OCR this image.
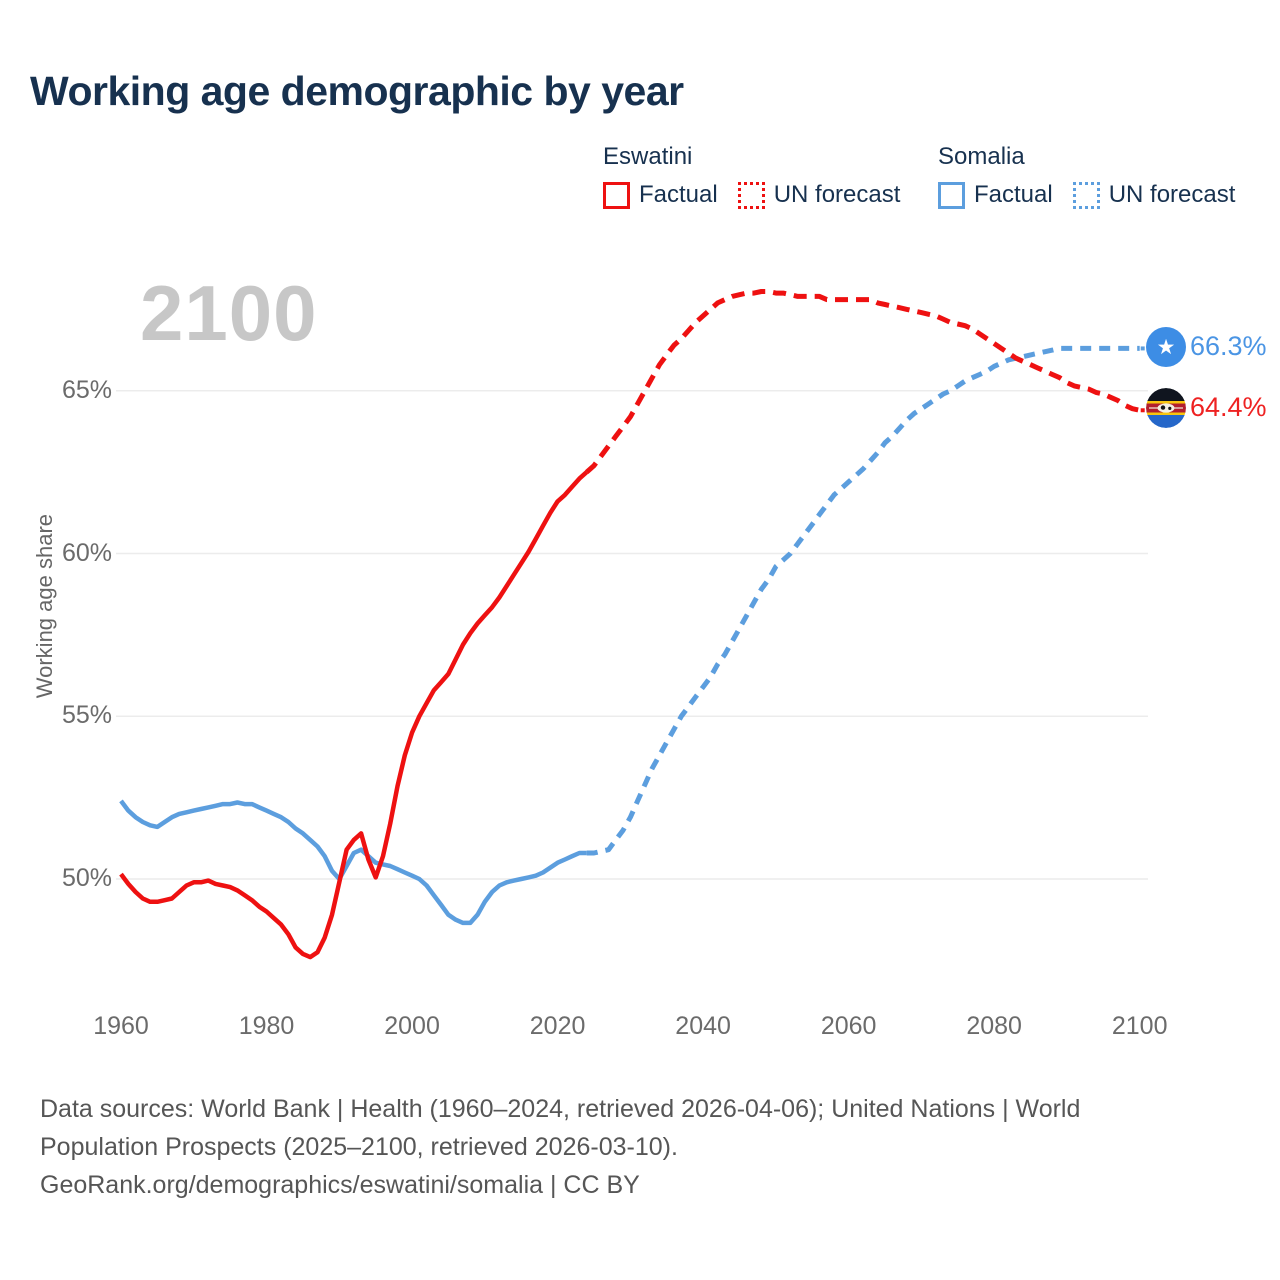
2100
Working age demographic by year
Eswatini
Factual UN forecast
Somalia
Factual UN forecast
Working age share
★ 66.3%
64.4%
Data sources: World Bank | Health (1960–2024, retrieved 2026-04-06); United Nations | World
Population Prospects (2025–2100, retrieved 2026-03-10).
GeoRank.org/demographics/eswatini/somalia | CC BY
50%
55%
60%
65%
1960	1980	2000	2020	2040	2060	2080	2100
